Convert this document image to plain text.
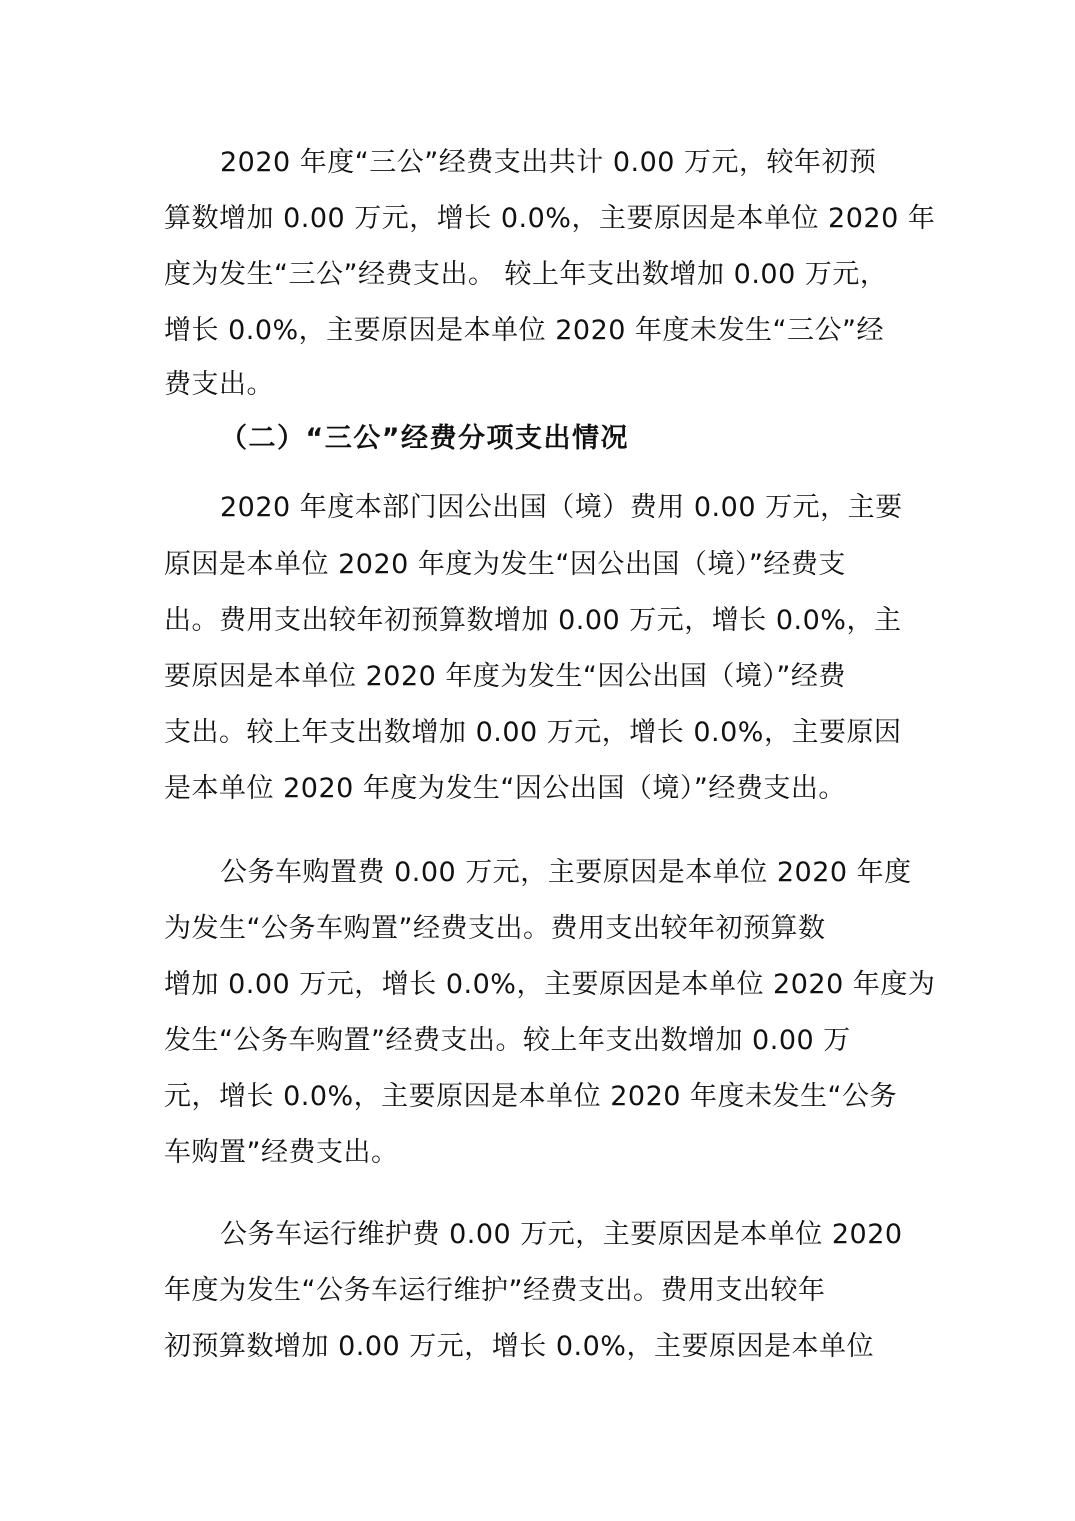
2020 年度“三公”经费支出共计 0.00 万元，较年初预
算数增加 0.00 万元，增长 0.0%，主要原因是本单位 2020 年
度为发生“三公”经费支出。 较上年支出数增加 0.00 万元，
增长 0.0%，主要原因是本单位 2020 年度未发生“三公”经
费支出。
（二）“三公”经费分项支出情况
2020 年度本部门因公出国（境）费用 0.00 万元，主要
原因是本单位 2020 年度为发生“因公出国（境）”经费支
出。费用支出较年初预算数增加 0.00 万元，增长 0.0%，主
要原因是本单位 2020 年度为发生“因公出国（境）”经费
支出。较上年支出数增加 0.00 万元，增长 0.0%，主要原因
是本单位 2020 年度为发生“因公出国（境）”经费支出。
公务车购置费 0.00 万元，主要原因是本单位 2020 年度
为发生“公务车购置”经费支出。费用支出较年初预算数
增加 0.00 万元，增长 0.0%，主要原因是本单位 2020 年度为
发生“公务车购置”经费支出。较上年支出数增加 0.00 万
元，增长 0.0%，主要原因是本单位 2020 年度未发生“公务
车购置”经费支出。
公务车运行维护费 0.00 万元，主要原因是本单位 2020
年度为发生“公务车运行维护”经费支出。费用支出较年
初预算数增加 0.00 万元，增长 0.0%，主要原因是本单位
